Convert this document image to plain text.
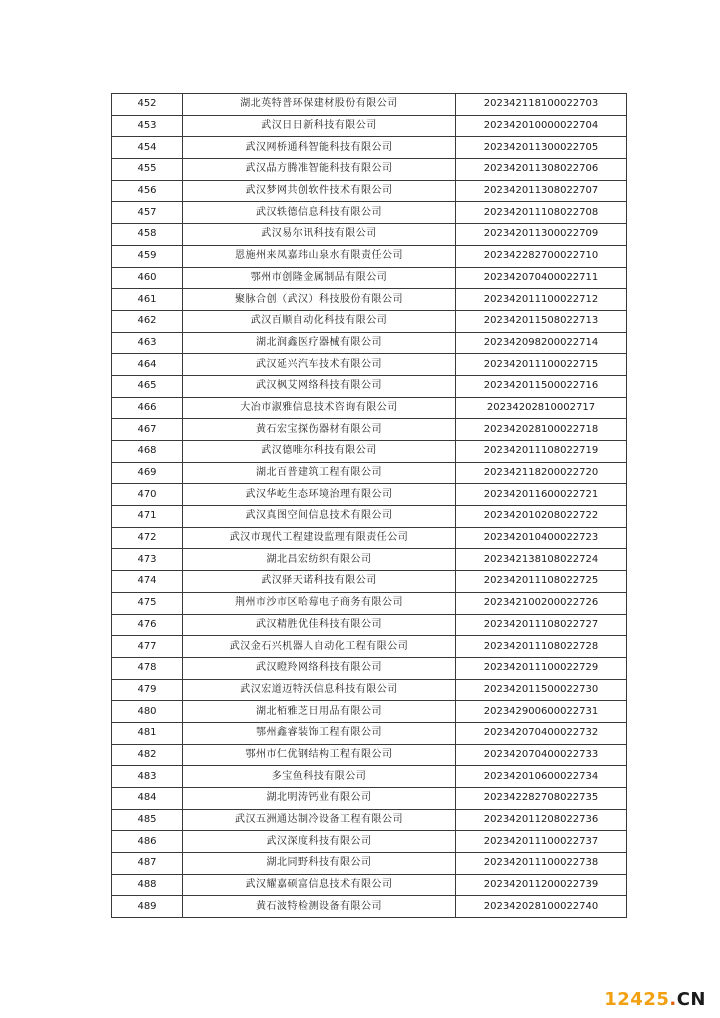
452	湖北英特普环保建材股份有限公司	202342118100022703
453	武汉日日新科技有限公司	202342010000022704
454	武汉网桥通科智能科技有限公司	202342011300022705
455	武汉晶方腾准智能科技有限公司	202342011308022706
456	武汉梦网共创软件技术有限公司	202342011308022707
457	武汉轶德信息科技有限公司	202342011108022708
458	武汉易尔讯科技有限公司	202342011300022709
459	恩施州来凤嘉玮山泉水有限责任公司	202342282700022710
460	鄂州市创隆金属制品有限公司	202342070400022711
461	聚脉合创（武汉）科技股份有限公司	202342011100022712
462	武汉百顺自动化科技有限公司	202342011508022713
463	湖北润鑫医疗器械有限公司	202342098200022714
464	武汉延兴汽车技术有限公司	202342011100022715
465	武汉枫艾网络科技有限公司	202342011500022716
466	大冶市淑雅信息技术咨询有限公司	20234202810002717
467	黄石宏宝探伤器材有限公司	202342028100022718
468	武汉德唯尔科技有限公司	202342011108022719
469	湖北百普建筑工程有限公司	202342118200022720
470	武汉华屹生态环境治理有限公司	202342011600022721
471	武汉真图空间信息技术有限公司	202342010208022722
472	武汉市现代工程建设监理有限责任公司	202342010400022723
473	湖北昌宏纺织有限公司	202342138108022724
474	武汉驿天诺科技有限公司	202342011108022725
475	荆州市沙市区哈莓电子商务有限公司	202342100200022726
476	武汉精胜优佳科技有限公司	202342011108022727
477	武汉金石兴机器人自动化工程有限公司	202342011108022728
478	武汉瞪羚网络科技有限公司	202342011100022729
479	武汉宏道迈特沃信息科技有限公司	202342011500022730
480	湖北栢雅芝日用品有限公司	202342900600022731
481	鄂州鑫睿装饰工程有限公司	202342070400022732
482	鄂州市仁优钢结构工程有限公司	202342070400022733
483	多宝鱼科技有限公司	202342010600022734
484	湖北明涛钙业有限公司	202342282708022735
485	武汉五洲通达制冷设备工程有限公司	202342011208022736
486	武汉深度科技有限公司	202342011100022737
487	湖北同野科技有限公司	202342011100022738
488	武汉耀嘉硕富信息技术有限公司	202342011200022739
489	黄石波特检测设备有限公司	202342028100022740
12425.CN
